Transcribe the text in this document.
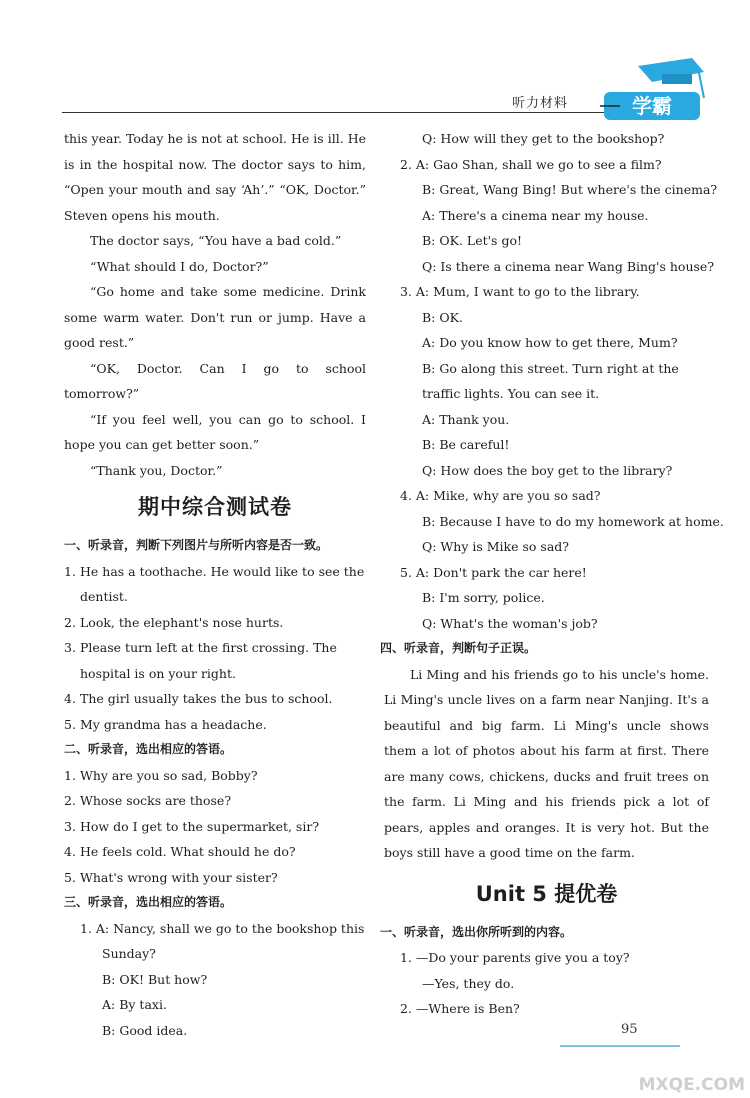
听力材料	学霸

this year. Today he is not at school. He is ill. He is in the hospital now. The doctor says to him, “Open your mouth and say ‘Ah’.” “OK, Doctor.” Steven opens his mouth.

The doctor says, “You have a bad cold.”

“What should I do, Doctor?”

“Go home and take some medicine. Drink some warm water. Don't run or jump. Have a good rest.”

“OK, Doctor. Can I go to school tomorrow?”

“If you feel well, you can go to school. I hope you can get better soon.”

“Thank you, Doctor.”

期中综合测试卷

一、听录音，判断下列图片与所听内容是否一致。

1. He has a toothache. He would like to see the dentist.

2. Look, the elephant's nose hurts.

3. Please turn left at the first crossing. The hospital is on your right.

4. The girl usually takes the bus to school.

5. My grandma has a headache.

二、听录音，选出相应的答语。

1. Why are you so sad, Bobby?

2. Whose socks are those?

3. How do I get to the supermarket, sir?

4. He feels cold. What should he do?

5. What's wrong with your sister?

三、听录音，选出相应的答语。

1. A: Nancy, shall we go to the bookshop this

Sunday?

B: OK! But how?

A: By taxi.

B: Good idea.

Q: How will they get to the bookshop?

2. A: Gao Shan, shall we go to see a film?

B: Great, Wang Bing! But where's the cinema?

A: There's a cinema near my house.

B: OK. Let's go!

Q: Is there a cinema near Wang Bing's house?

3. A: Mum, I want to go to the library.

B: OK.

A: Do you know how to get there, Mum?

B: Go along this street. Turn right at the traffic lights. You can see it.

A: Thank you.

B: Be careful!

Q: How does the boy get to the library?

4. A: Mike, why are you so sad?

B: Because I have to do my homework at home.

Q: Why is Mike so sad?

5. A: Don't park the car here!

B: I'm sorry, police.

Q: What's the woman's job?

四、听录音，判断句子正误。

Li Ming and his friends go to his uncle's home. Li Ming's uncle lives on a farm near Nanjing. It's a beautiful and big farm. Li Ming's uncle shows them a lot of photos about his farm at first. There are many cows, chickens, ducks and fruit trees on the farm. Li Ming and his friends pick a lot of pears, apples and oranges. It is very hot. But the boys still have a good time on the farm.

Unit 5 提优卷

一、听录音，选出你所听到的内容。

1. —Do your parents give you a toy?

—Yes, they do.

2. —Where is Ben?

95
MXQE.COM
